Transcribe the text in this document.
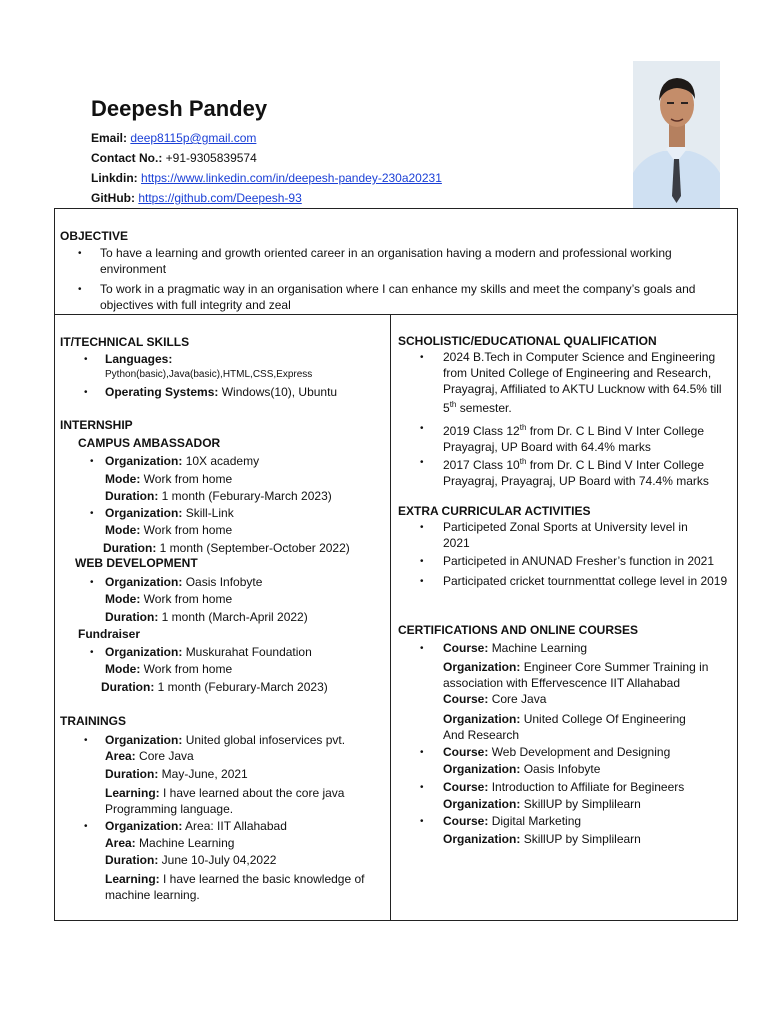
Deepesh Pandey
Email: deep8115p@gmail.com
Contact No.: +91-9305839574
Linkdin: https://www.linkedin.com/in/deepesh-pandey-230a20231
GitHub: https://github.com/Deepesh-93
OBJECTIVE
• To have a learning and growth oriented career in an organisation having a modern and professional working environment
• To work in a pragmatic way in an organisation where I can enhance my skills and meet the company’s goals and objectives with full integrity and zeal
IT/TECHNICAL SKILLS
• Languages:
Python(basic),Java(basic),HTML,CSS,Express
• Operating Systems: Windows(10), Ubuntu
INTERNSHIP
CAMPUS AMBASSADOR
• Organization: 10X academy
Mode: Work from home
Duration: 1 month (Feburary-March 2023)
• Organization: Skill-Link
Mode: Work from home
Duration: 1 month (September-October 2022)
WEB DEVELOPMENT
• Organization: Oasis Infobyte
Mode: Work from home
Duration: 1 month (March-April 2022)
Fundraiser
• Organization: Muskurahat Foundation
Mode: Work from home
Duration: 1 month (Feburary-March 2023)
TRAININGS
• Organization: United global infoservices pvt.
Area: Core Java
Duration: May-June, 2021
Learning: I have learned about the core java Programming language.
• Organization: Area: IIT Allahabad
Area: Machine Learning
Duration: June 10-July 04,2022
Learning: I have learned the basic knowledge of machine learning.
SCHOLISTIC/EDUCATIONAL QUALIFICATION
• 2024 B.Tech in Computer Science and Engineering from United College of Engineering and Research, Prayagraj, Affiliated to AKTU Lucknow with 64.5% till 5th semester.
• 2019 Class 12th from Dr. C L Bind V Inter College Prayagraj, UP Board with 64.4% marks
• 2017 Class 10th from Dr. C L Bind V Inter College Prayagraj, Prayagraj, UP Board with 74.4% marks
EXTRA CURRICULAR ACTIVITIES
• Participeted Zonal Sports at University level in 2021
• Participeted in ANUNAD Fresher’s function in 2021
• Participated cricket tournmenttat college level in 2019
CERTIFICATIONS AND ONLINE COURSES
• Course: Machine Learning
Organization: Engineer Core Summer Training in association with Effervescence IIT Allahabad
Course: Core Java
Organization: United College Of Engineering And Research
• Course: Web Development and Designing
Organization: Oasis Infobyte
• Course: Introduction to Affiliate for Begineers
Organization: SkillUP by Simplilearn
• Course: Digital Marketing
Organization: SkillUP by Simplilearn
